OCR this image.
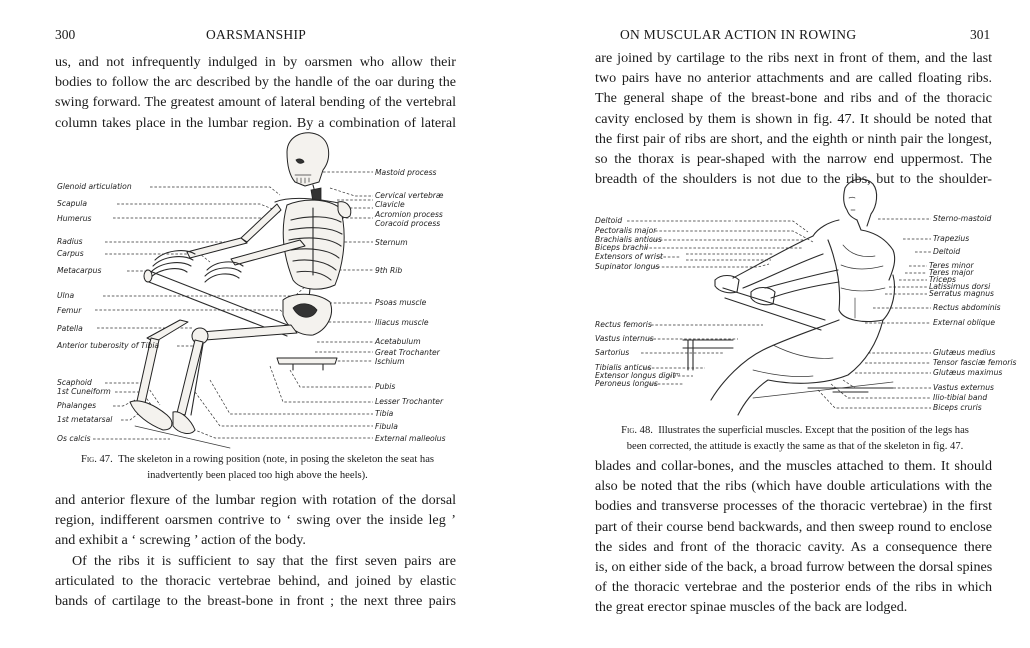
300	OARSMANSHIP

us, and not infrequently indulged in by oarsmen who allow their
bodies to follow the arc described by the handle of the oar during the
swing forward. The greatest amount of lateral bending of the vertebral
column takes place in the lumbar region. By a combination of lateral

Glenoid articulation
Scapula
Humerus
Radius
Carpus
Metacarpus
Ulna
Femur
Patella
Anterior tuberosity of Tibia
Scaphoid
1st Cuneiform
Phalanges
1st metatarsal
Os calcis
Mastoid process
Cervical vertebræ
Clavicle
Acromion process
Coracoid process
Sternum
9th Rib
Psoas muscle
Iliacus muscle
Acetabulum
Great Trochanter
Ischium
Pubis
Lesser Trochanter
Tibia
Fibula
External malleolus
Fig. 47. The skeleton in a rowing position (note, in posing the skeleton the seat has
inadvertently been placed too high above the heels).

and anterior flexure of the lumbar region with rotation of the dorsal
region, indifferent oarsmen contrive to ‘ swing over the inside leg ’
and exhibit a ‘ screwing ’ action of the body.

Of the ribs it is sufficient to say that the first seven pairs are
articulated to the thoracic vertebrae behind, and joined by elastic
bands of cartilage to the breast-bone in front ; the next three pairs

ON MUSCULAR ACTION IN ROWING	301

are joined by cartilage to the ribs next in front of them, and the last
two pairs have no anterior attachments and are called floating ribs.
The general shape of the breast-bone and ribs and of the thoracic
cavity enclosed by them is shown in fig. 47. It should be noted that
the first pair of ribs are short, and the eighth or ninth pair the longest,
so the thorax is pear-shaped with the narrow end uppermost. The
breadth of the shoulders is not due to the ribs, but to the shoulder-

Deltoid
Pectoralis major
Brachialis anticus
Biceps brachii
Extensors of wrist
Supinator longus
Rectus femoris
Vastus internus
Sartorius
Tibialis anticus
Extensor longus digitᵐ
Peroneus longus
Sterno-mastoid
Trapezius
Deltoid
Teres minor
Teres major
Triceps
Latissimus dorsi
Serratus magnus
Rectus abdominis
External oblique
Glutæus medius
Tensor fasciæ femoris
Glutæus maximus
Vastus externus
Ilio-tibial band
Biceps cruris
Fig. 48. Illustrates the superficial muscles. Except that the position of the legs has
been corrected, the attitude is exactly the same as that of the skeleton in fig. 47.

blades and collar-bones, and the muscles attached to them. It should
also be noted that the ribs (which have double articulations with the
bodies and transverse processes of the thoracic vertebrae) in the first
part of their course bend backwards, and then sweep round to enclose
the sides and front of the thoracic cavity. As a consequence there
is, on either side of the back, a broad furrow between the dorsal spines
of the thoracic vertebrae and the posterior ends of the ribs in which
the great erector spinae muscles of the back are lodged.
